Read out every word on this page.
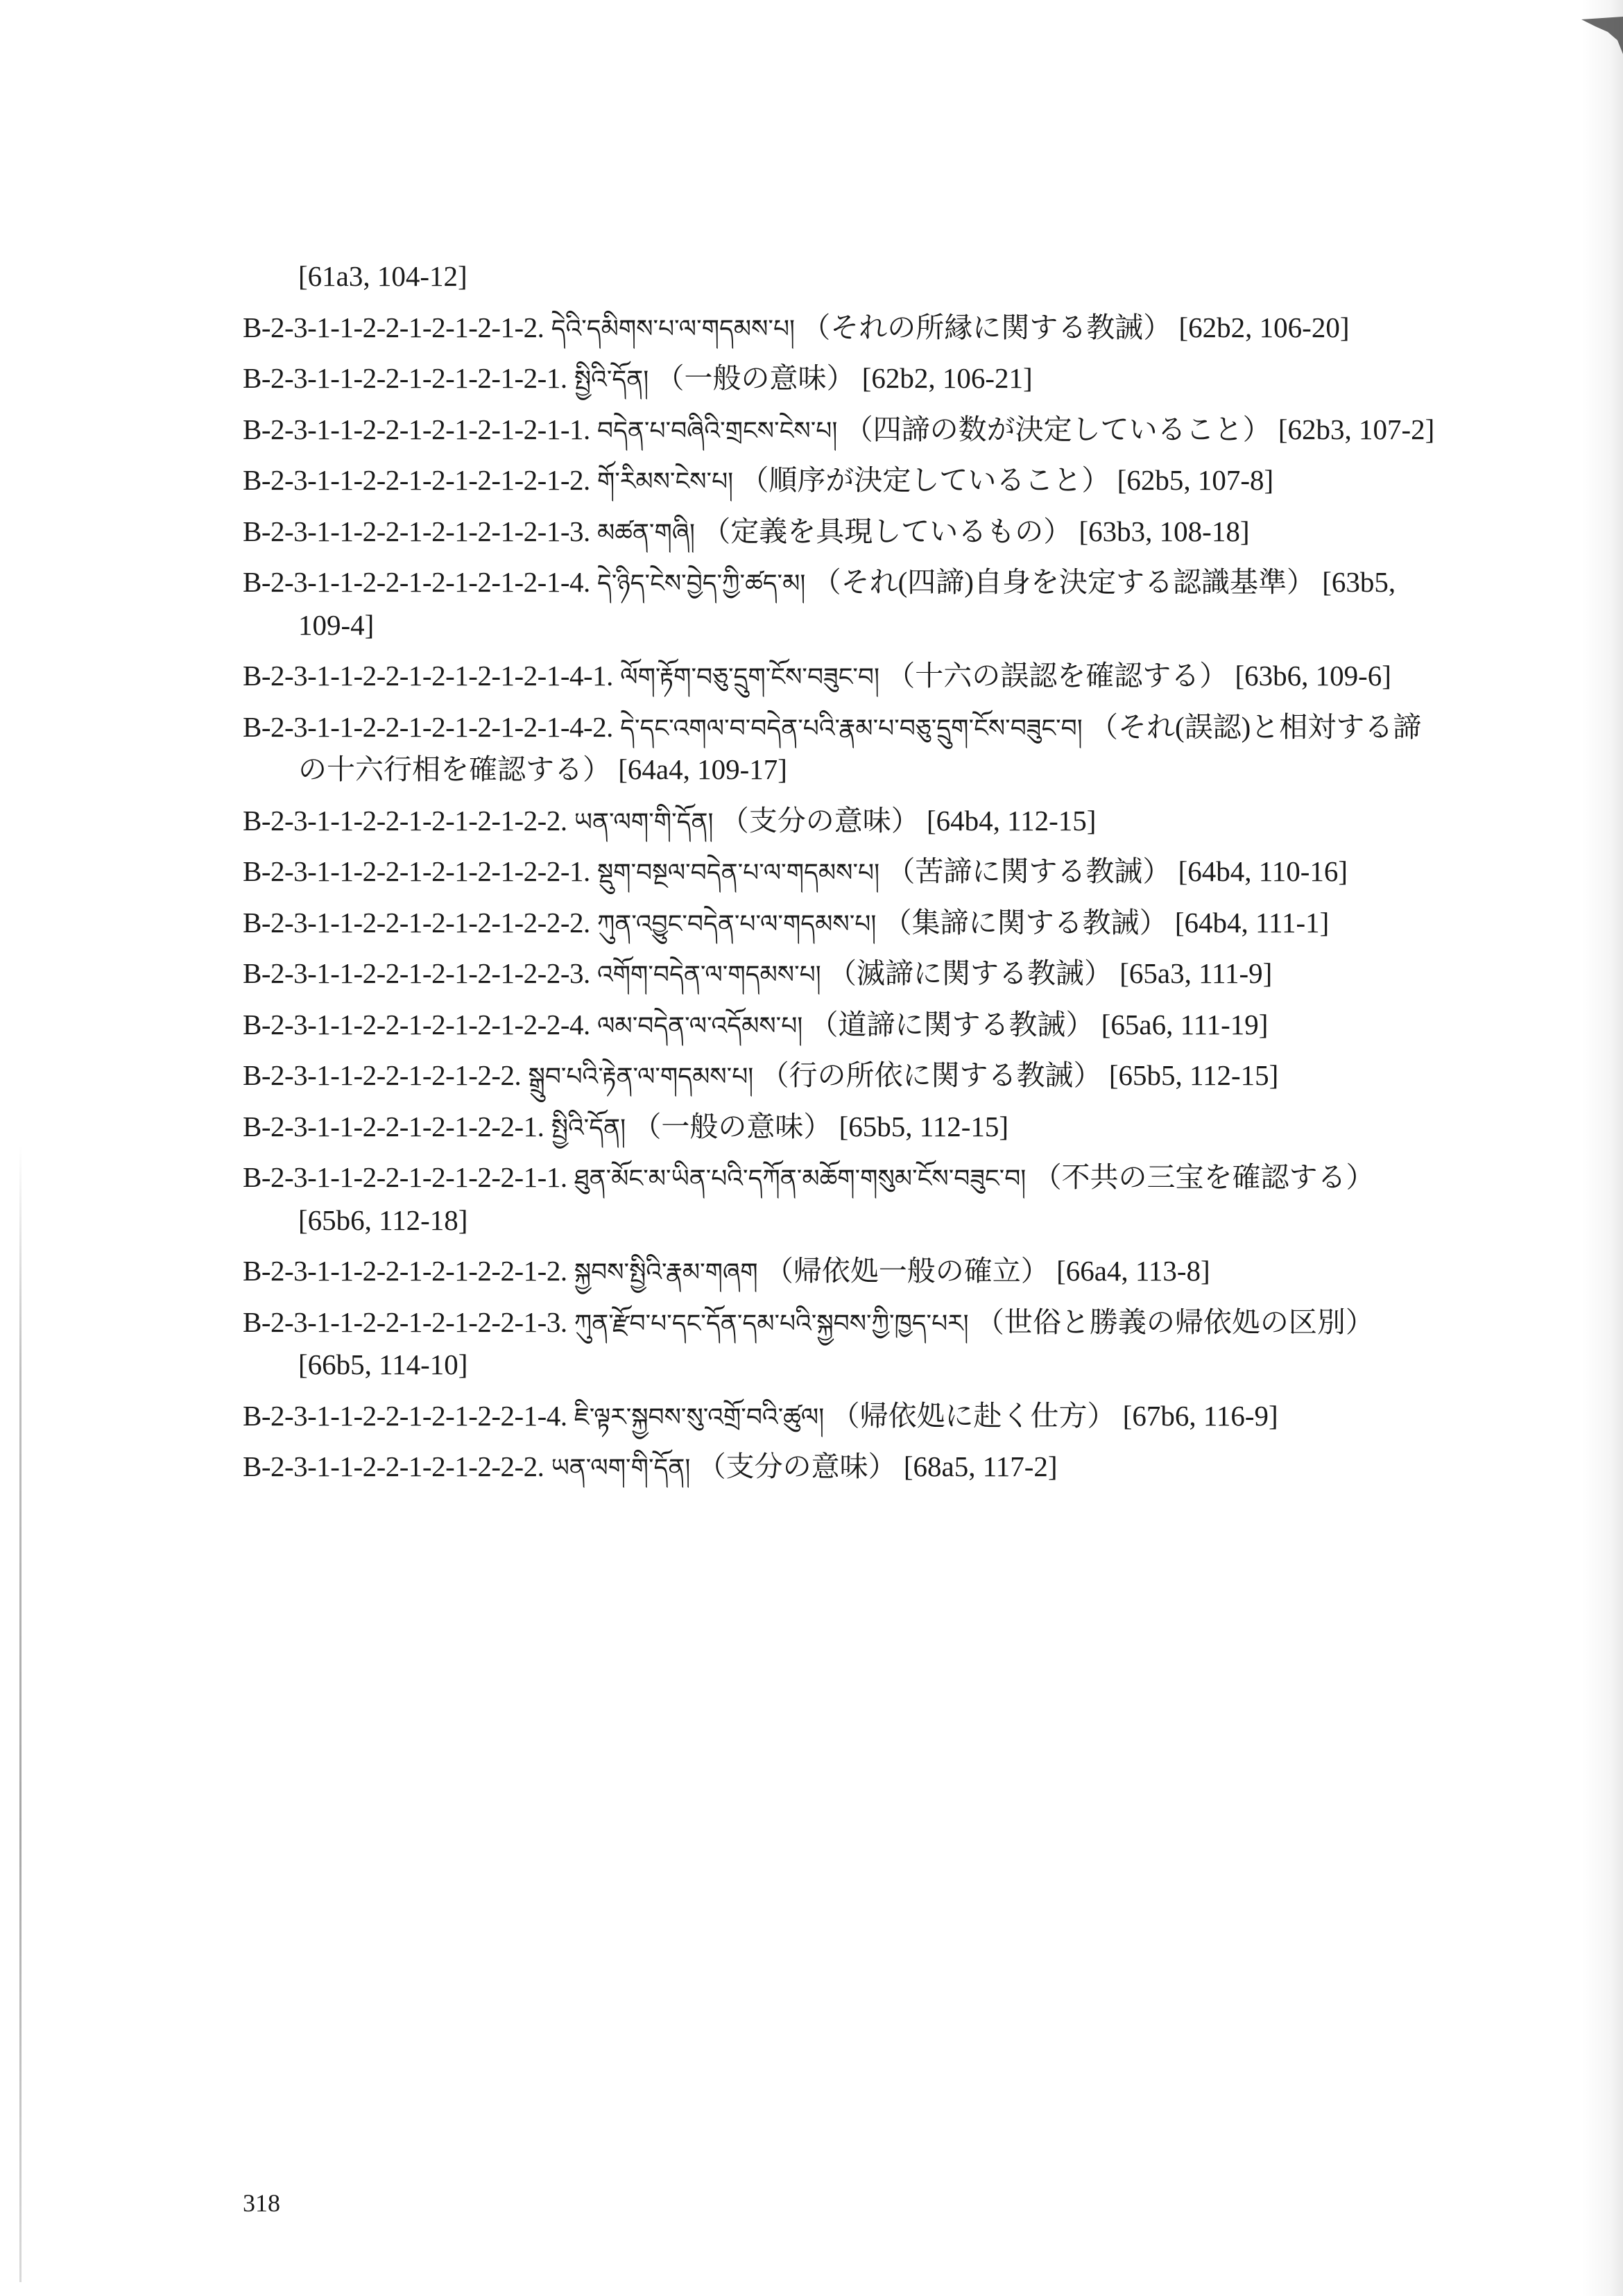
[61a3, 104-12]

B-2-3-1-1-2-2-1-2-1-2-1-2. དེའི་དམིགས་པ་ལ་གདམས་པ། （それの所縁に関する教誡） [62b2, 106-20]

B-2-3-1-1-2-2-1-2-1-2-1-2-1. སྤྱིའི་དོན། （一般の意味） [62b2, 106-21]

B-2-3-1-1-2-2-1-2-1-2-1-2-1-1. བདེན་པ་བཞིའི་གྲངས་ངེས་པ། （四諦の数が決定していること） [62b3, 107-2]

B-2-3-1-1-2-2-1-2-1-2-1-2-1-2. གོ་རིམས་ངེས་པ། （順序が決定していること） [62b5, 107-8]

B-2-3-1-1-2-2-1-2-1-2-1-2-1-3. མཚན་གཞི། （定義を具現しているもの） [63b3, 108-18]

B-2-3-1-1-2-2-1-2-1-2-1-2-1-4. དེ་ཉིད་ངེས་བྱེད་ཀྱི་ཚད་མ། （それ(四諦)自身を決定する認識基準） [63b5, 109-4]

B-2-3-1-1-2-2-1-2-1-2-1-2-1-4-1. ལོག་རྟོག་བཅུ་དྲུག་ངོས་བཟུང་བ། （十六の誤認を確認する） [63b6, 109-6]

B-2-3-1-1-2-2-1-2-1-2-1-2-1-4-2. དེ་དང་འགལ་བ་བདེན་པའི་རྣམ་པ་བཅུ་དྲུག་ངོས་བཟུང་བ། （それ(誤認)と相対する諦の十六行相を確認する） [64a4, 109-17]

B-2-3-1-1-2-2-1-2-1-2-1-2-2. ཡན་ལག་གི་དོན། （支分の意味） [64b4, 112-15]

B-2-3-1-1-2-2-1-2-1-2-1-2-2-1. སྡུག་བསྔལ་བདེན་པ་ལ་གདམས་པ། （苦諦に関する教誡） [64b4, 110-16]

B-2-3-1-1-2-2-1-2-1-2-1-2-2-2. ཀུན་འབྱུང་བདེན་པ་ལ་གདམས་པ། （集諦に関する教誡） [64b4, 111-1]

B-2-3-1-1-2-2-1-2-1-2-1-2-2-3. འགོག་བདེན་ལ་གདམས་པ། （滅諦に関する教誡） [65a3, 111-9]

B-2-3-1-1-2-2-1-2-1-2-1-2-2-4. ལམ་བདེན་ལ་འདོམས་པ། （道諦に関する教誡） [65a6, 111-19]

B-2-3-1-1-2-2-1-2-1-2-2. སྒྲུབ་པའི་རྟེན་ལ་གདམས་པ། （行の所依に関する教誡） [65b5, 112-15]

B-2-3-1-1-2-2-1-2-1-2-2-1. སྤྱིའི་དོན། （一般の意味） [65b5, 112-15]

B-2-3-1-1-2-2-1-2-1-2-2-1-1. ཐུན་མོང་མ་ཡིན་པའི་དཀོན་མཆོག་གསུམ་ངོས་བཟུང་བ། （不共の三宝を確認する） [65b6, 112-18]

B-2-3-1-1-2-2-1-2-1-2-2-1-2. སྐྱབས་སྤྱིའི་རྣམ་གཞག （帰依処一般の確立） [66a4, 113-8]

B-2-3-1-1-2-2-1-2-1-2-2-1-3. ཀུན་རྫོབ་པ་དང་དོན་དམ་པའི་སྐྱབས་ཀྱི་ཁྱད་པར། （世俗と勝義の帰依処の区別） [66b5, 114-10]

B-2-3-1-1-2-2-1-2-1-2-2-1-4. ཇི་ལྟར་སྐྱབས་སུ་འགྲོ་བའི་ཚུལ། （帰依処に赴く仕方） [67b6, 116-9]

B-2-3-1-1-2-2-1-2-1-2-2-2. ཡན་ལག་གི་དོན། （支分の意味） [68a5, 117-2]

318
